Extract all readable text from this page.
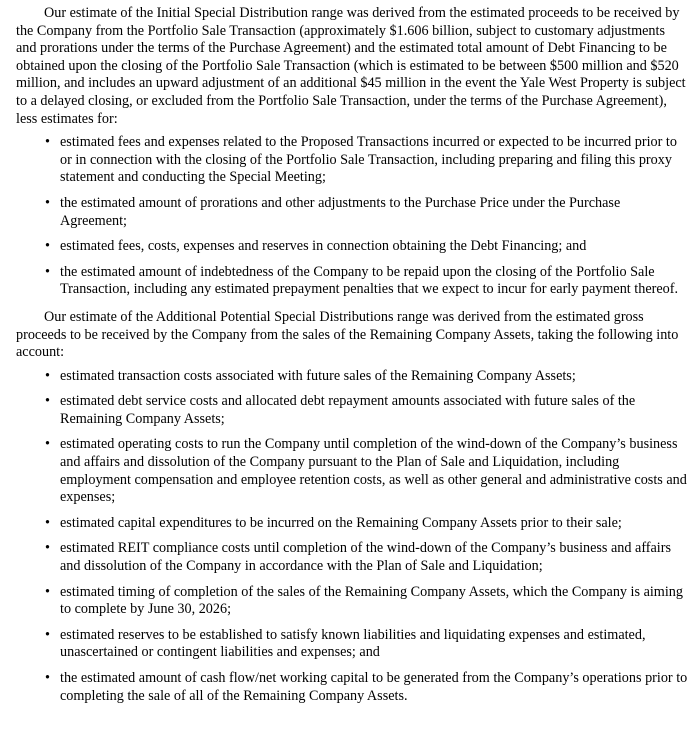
Our estimate of the Initial Special Distribution range was derived from the estimated proceeds to be received by the Company from the Portfolio Sale Transaction (approximately $1.606 billion, subject to customary adjustments and prorations under the terms of the Purchase Agreement) and the estimated total amount of Debt Financing to be obtained upon the closing of the Portfolio Sale Transaction (which is estimated to be between $500 million and $520 million, and includes an upward adjustment of an additional $45 million in the event the Yale West Property is subject to a delayed closing, or excluded from the Portfolio Sale Transaction, under the terms of the Purchase Agreement), less estimates for:

• estimated fees and expenses related to the Proposed Transactions incurred or expected to be incurred prior to or in connection with the closing of the Portfolio Sale Transaction, including preparing and filing this proxy statement and conducting the Special Meeting;
• the estimated amount of prorations and other adjustments to the Purchase Price under the Purchase Agreement;
• estimated fees, costs, expenses and reserves in connection obtaining the Debt Financing; and
• the estimated amount of indebtedness of the Company to be repaid upon the closing of the Portfolio Sale Transaction, including any estimated prepayment penalties that we expect to incur for early payment thereof.

Our estimate of the Additional Potential Special Distributions range was derived from the estimated gross proceeds to be received by the Company from the sales of the Remaining Company Assets, taking the following into account:

• estimated transaction costs associated with future sales of the Remaining Company Assets;
• estimated debt service costs and allocated debt repayment amounts associated with future sales of the Remaining Company Assets;
• estimated operating costs to run the Company until completion of the wind-down of the Company’s business and affairs and dissolution of the Company pursuant to the Plan of Sale and Liquidation, including employment compensation and employee retention costs, as well as other general and administrative costs and expenses;
• estimated capital expenditures to be incurred on the Remaining Company Assets prior to their sale;
• estimated REIT compliance costs until completion of the wind-down of the Company’s business and affairs and dissolution of the Company in accordance with the Plan of Sale and Liquidation;
• estimated timing of completion of the sales of the Remaining Company Assets, which the Company is aiming to complete by June 30, 2026;
• estimated reserves to be established to satisfy known liabilities and liquidating expenses and estimated, unascertained or contingent liabilities and expenses; and
• the estimated amount of cash flow/net working capital to be generated from the Company’s operations prior to completing the sale of all of the Remaining Company Assets.
